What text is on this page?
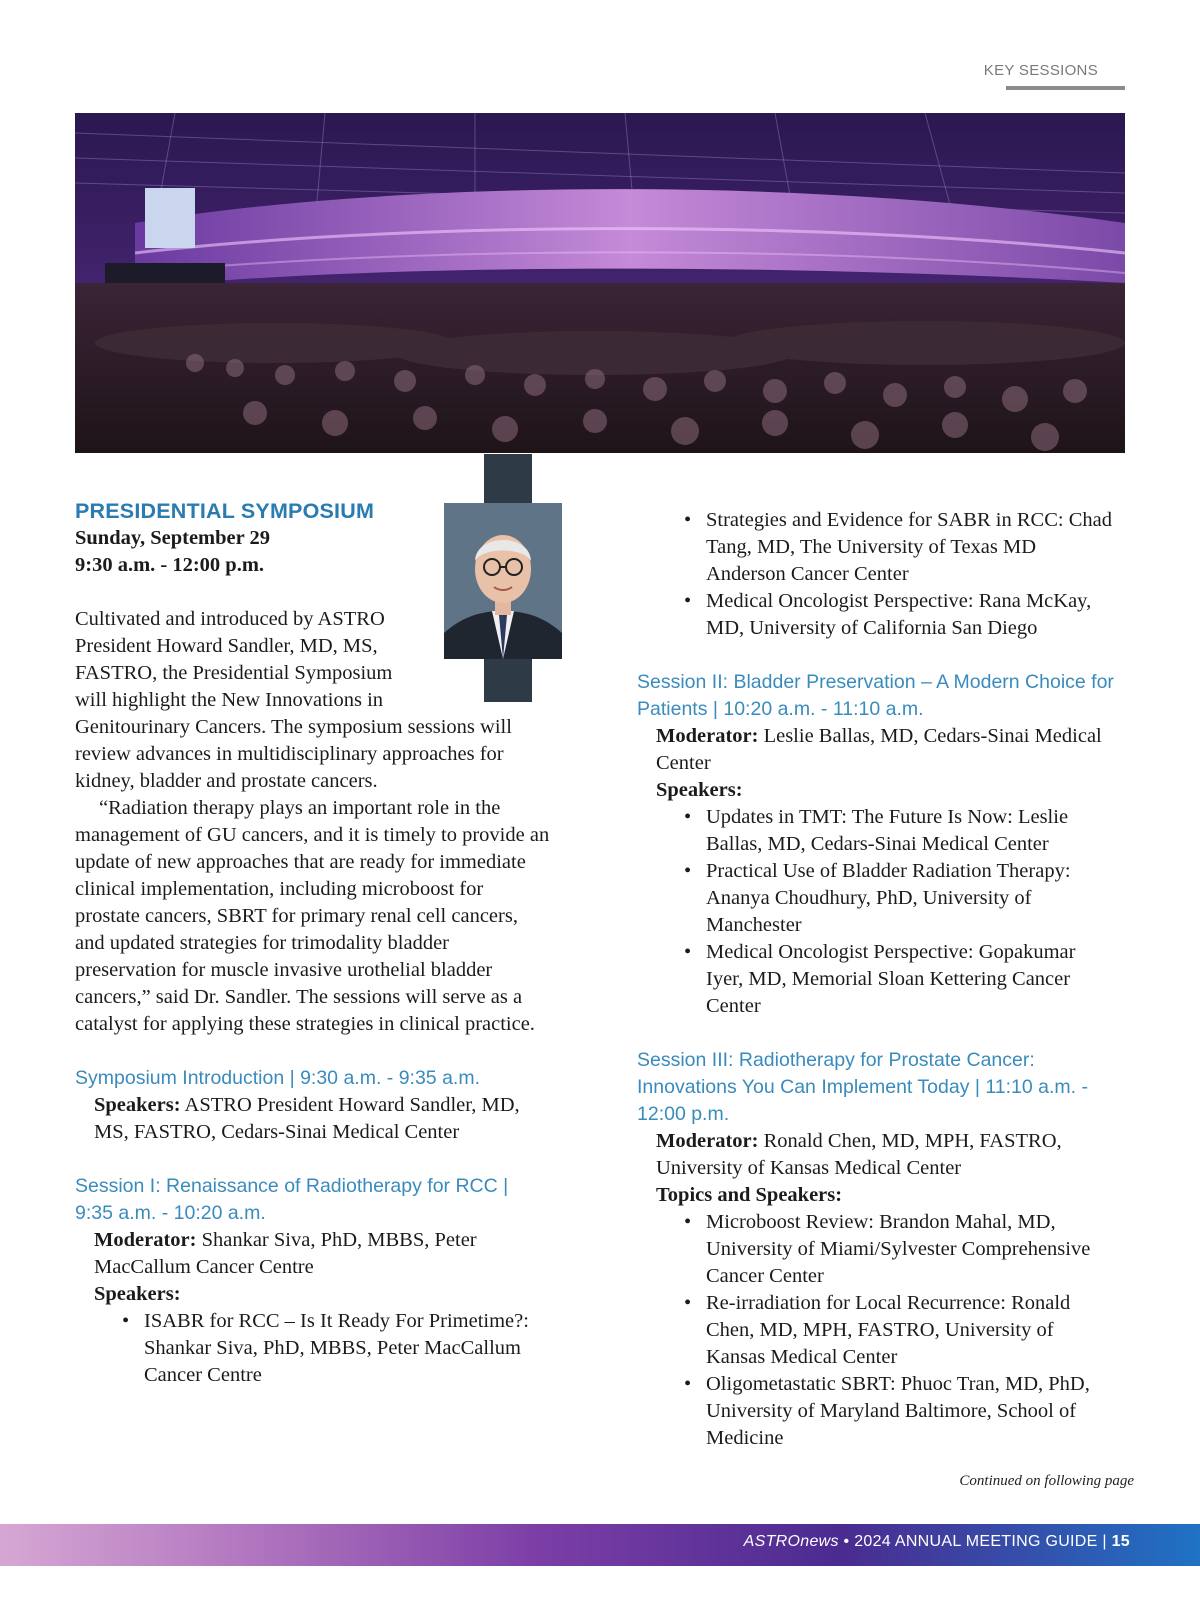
KEY SESSIONS

PRESIDENTIAL SYMPOSIUM

Sunday, September 29

9:30 a.m. - 12:00 p.m.

Cultivated and introduced by ASTRO

President Howard Sandler, MD, MS,

FASTRO, the Presidential Symposium

will highlight the New Innovations in

Genitourinary Cancers. The symposium sessions will review advances in multidisciplinary approaches for kidney, bladder and prostate cancers.

“Radiation therapy plays an important role in the management of GU cancers, and it is timely to provide an update of new approaches that are ready for immediate clinical implementation, including microboost for prostate cancers, SBRT for primary renal cell cancers, and updated strategies for trimodality bladder preservation for muscle invasive urothelial bladder cancers,” said Dr. Sandler. The sessions will serve as a catalyst for applying these strategies in clinical practice.

Symposium Introduction | 9:30 a.m. - 9:35 a.m.

Speakers: ASTRO President Howard Sandler, MD, MS, FASTRO, Cedars-Sinai Medical Center

Session I: Renaissance of Radiotherapy for RCC | 9:35 a.m. - 10:20 a.m.

Moderator: Shankar Siva, PhD, MBBS, Peter MacCallum Cancer Centre

Speakers:

• ISABR for RCC – Is It Ready For Primetime?: Shankar Siva, PhD, MBBS, Peter MacCallum Cancer Centre
• Strategies and Evidence for SABR in RCC: Chad Tang, MD, The University of Texas MD Anderson Cancer Center
• Medical Oncologist Perspective: Rana McKay, MD, University of California San Diego

Session II: Bladder Preservation – A Modern Choice for Patients | 10:20 a.m. - 11:10 a.m.

Moderator: Leslie Ballas, MD, Cedars-Sinai Medical Center

Speakers:

• Updates in TMT: The Future Is Now: Leslie Ballas, MD, Cedars-Sinai Medical Center
• Practical Use of Bladder Radiation Therapy: Ananya Choudhury, PhD, University of Manchester
• Medical Oncologist Perspective: Gopakumar Iyer, MD, Memorial Sloan Kettering Cancer Center

Session III: Radiotherapy for Prostate Cancer: Innovations You Can Implement Today | 11:10 a.m. - 12:00 p.m.

Moderator: Ronald Chen, MD, MPH, FASTRO, University of Kansas Medical Center

Topics and Speakers:

• Microboost Review: Brandon Mahal, MD, University of Miami/Sylvester Comprehensive Cancer Center
• Re-irradiation for Local Recurrence: Ronald Chen, MD, MPH, FASTRO, University of Kansas Medical Center
• Oligometastatic SBRT: Phuoc Tran, MD, PhD, University of Maryland Baltimore, School of Medicine
Continued on following page
ASTROnews • 2024 ANNUAL MEETING GUIDE | 15
